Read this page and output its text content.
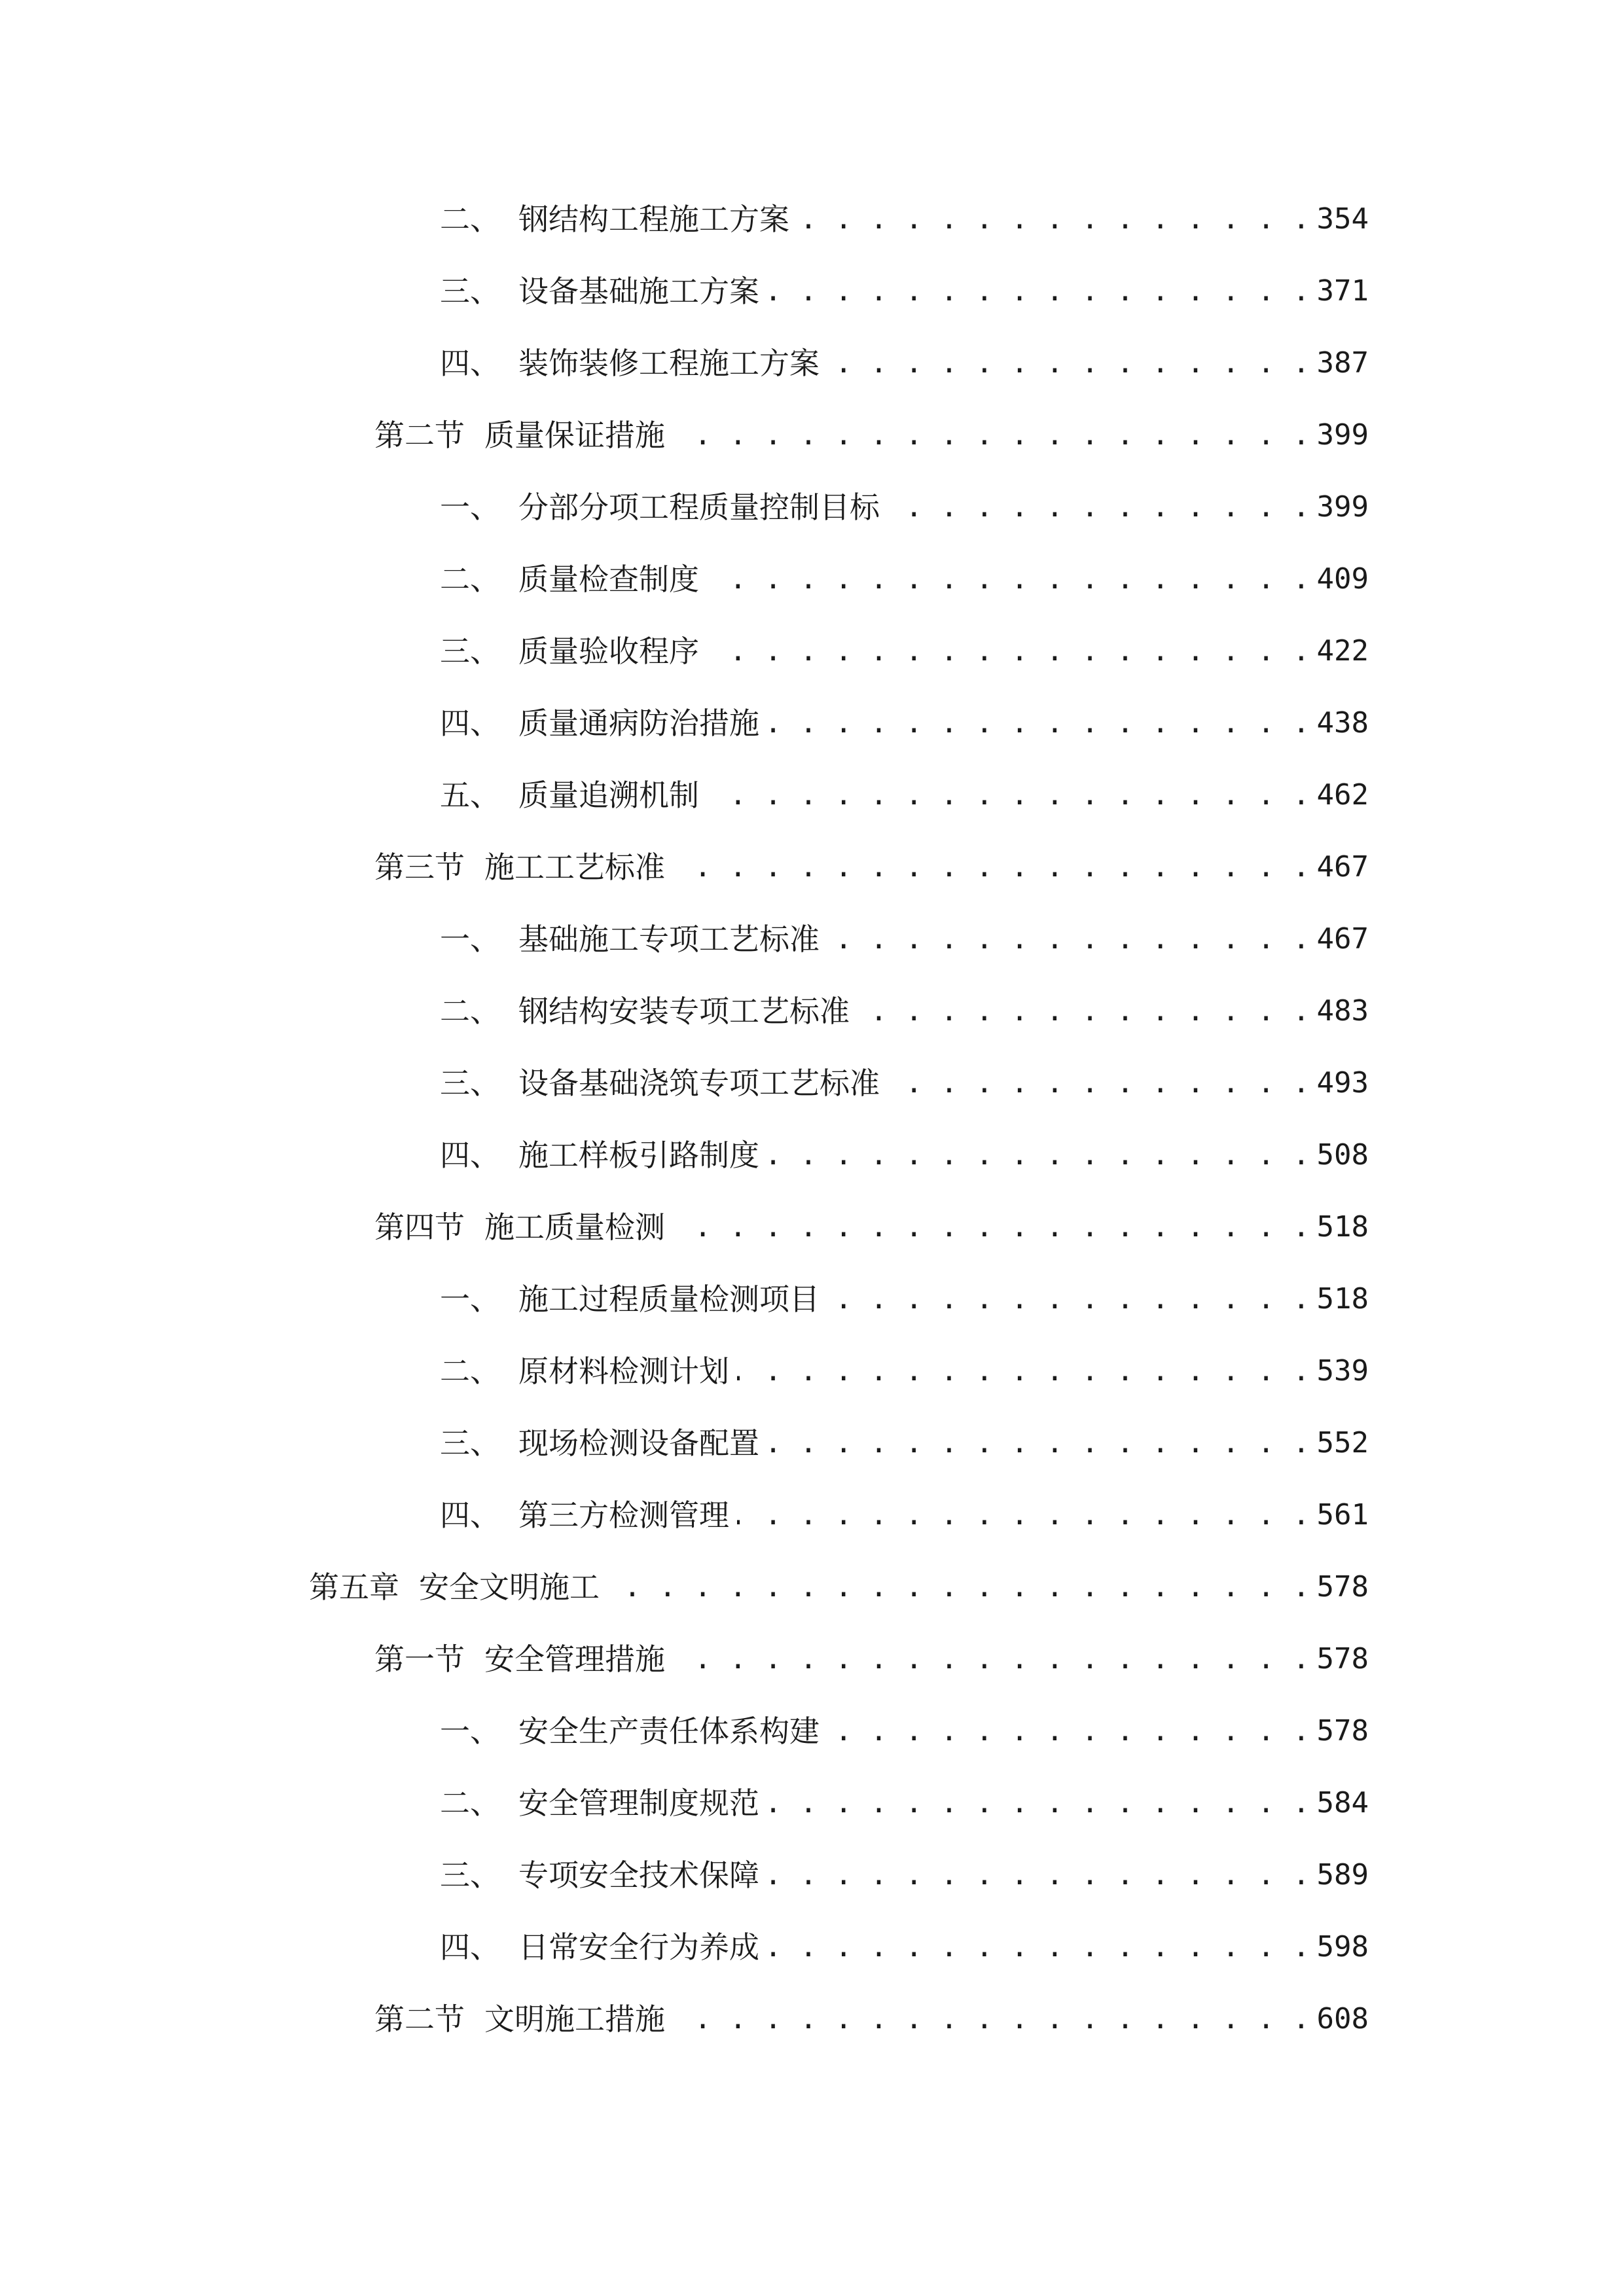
二、 钢结构工程施工方案 . . .	354
三、 设备基础施工方案 . . .	371
四、 装饰装修工程施工方案 . . .	387
第二节 质量保证措施 . . .	399
一、 分部分项工程质量控制目标 . . .	399
二、 质量检查制度 . . .	409
三、 质量验收程序 . . .	422
四、 质量通病防治措施 . . .	438
五、 质量追溯机制 . . .	462
第三节 施工工艺标准 . . .	467
一、 基础施工专项工艺标准 . . .	467
二、 钢结构安装专项工艺标准 . . .	483
三、 设备基础浇筑专项工艺标准 . . .	493
四、 施工样板引路制度 . . .	508
第四节 施工质量检测 . . .	518
一、 施工过程质量检测项目 . . .	518
二、 原材料检测计划 . . .	539
三、 现场检测设备配置 . . .	552
四、 第三方检测管理 . . .	561
第五章 安全文明施工 . . .	578
第一节 安全管理措施 . . .	578
一、 安全生产责任体系构建 . . .	578
二、 安全管理制度规范 . . .	584
三、 专项安全技术保障 . . .	589
四、 日常安全行为养成 . . .	598
第二节 文明施工措施 . . .	608
